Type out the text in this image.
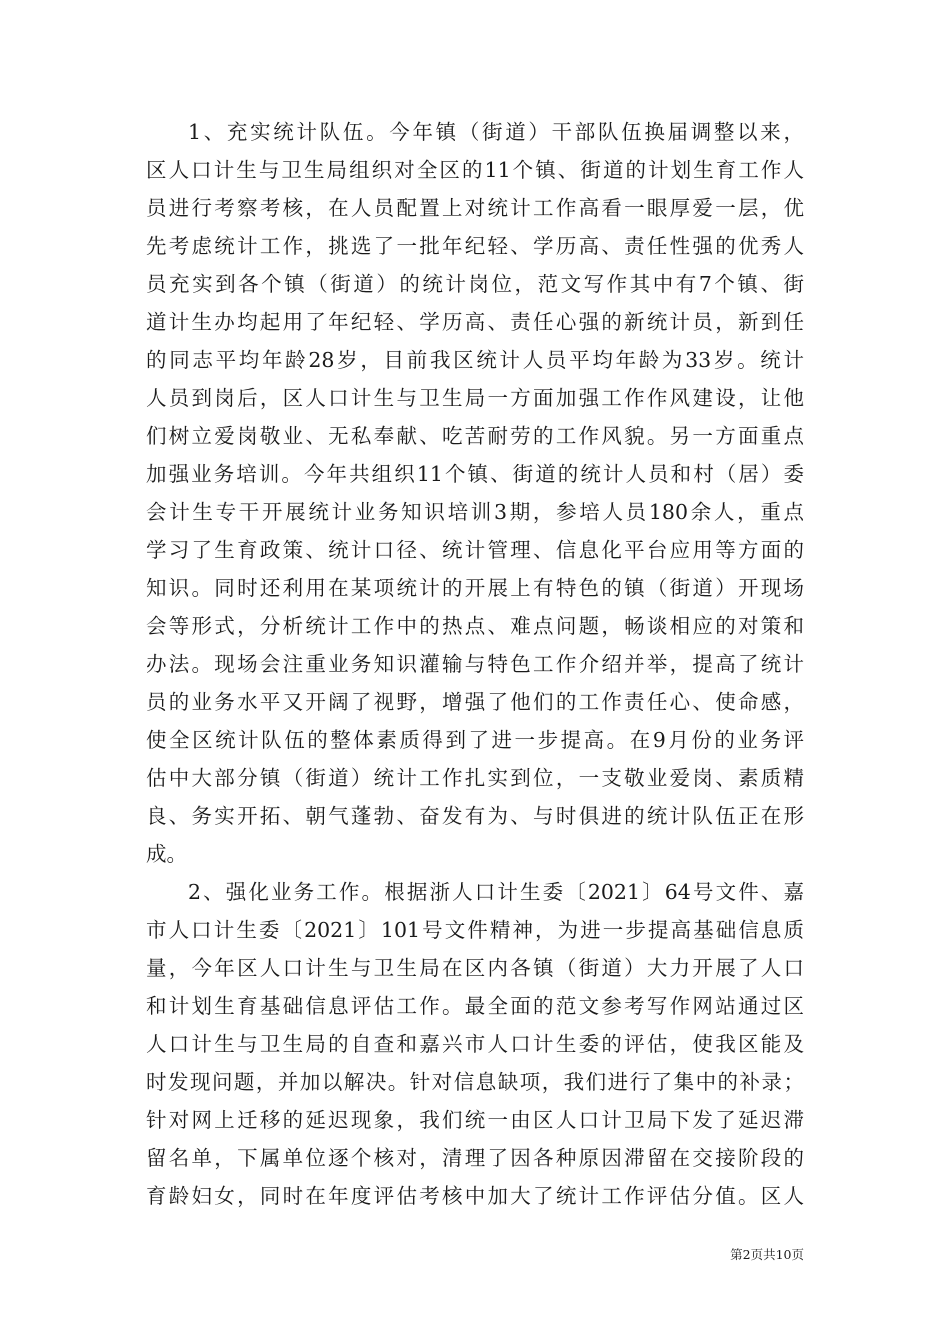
1、充实统计队伍。今年镇（街道）干部队伍换届调整以来，
区人口计生与卫生局组织对全区的11个镇、街道的计划生育工作人
员进行考察考核，在人员配置上对统计工作高看一眼厚爱一层，优
先考虑统计工作，挑选了一批年纪轻、学历高、责任性强的优秀人
员充实到各个镇（街道）的统计岗位，范文写作其中有7个镇、街
道计生办均起用了年纪轻、学历高、责任心强的新统计员，新到任
的同志平均年龄28岁，目前我区统计人员平均年龄为33岁。统计
人员到岗后，区人口计生与卫生局一方面加强工作作风建设，让他
们树立爱岗敬业、无私奉献、吃苦耐劳的工作风貌。另一方面重点
加强业务培训。今年共组织11个镇、街道的统计人员和村（居）委
会计生专干开展统计业务知识培训3期，参培人员180余人，重点
学习了生育政策、统计口径、统计管理、信息化平台应用等方面的
知识。同时还利用在某项统计的开展上有特色的镇（街道）开现场
会等形式，分析统计工作中的热点、难点问题，畅谈相应的对策和
办法。现场会注重业务知识灌输与特色工作介绍并举，提高了统计
员的业务水平又开阔了视野，增强了他们的工作责任心、使命感，
使全区统计队伍的整体素质得到了进一步提高。在9月份的业务评
估中大部分镇（街道）统计工作扎实到位，一支敬业爱岗、素质精
良、务实开拓、朝气蓬勃、奋发有为、与时俱进的统计队伍正在形
成。
2、强化业务工作。根据浙人口计生委〔2021〕64号文件、嘉
市人口计生委〔2021〕101号文件精神，为进一步提高基础信息质
量，今年区人口计生与卫生局在区内各镇（街道）大力开展了人口
和计划生育基础信息评估工作。最全面的范文参考写作网站通过区
人口计生与卫生局的自查和嘉兴市人口计生委的评估，使我区能及
时发现问题，并加以解决。针对信息缺项，我们进行了集中的补录；
针对网上迁移的延迟现象，我们统一由区人口计卫局下发了延迟滞
留名单，下属单位逐个核对，清理了因各种原因滞留在交接阶段的
育龄妇女，同时在年度评估考核中加大了统计工作评估分值。区人
第2页共10页
